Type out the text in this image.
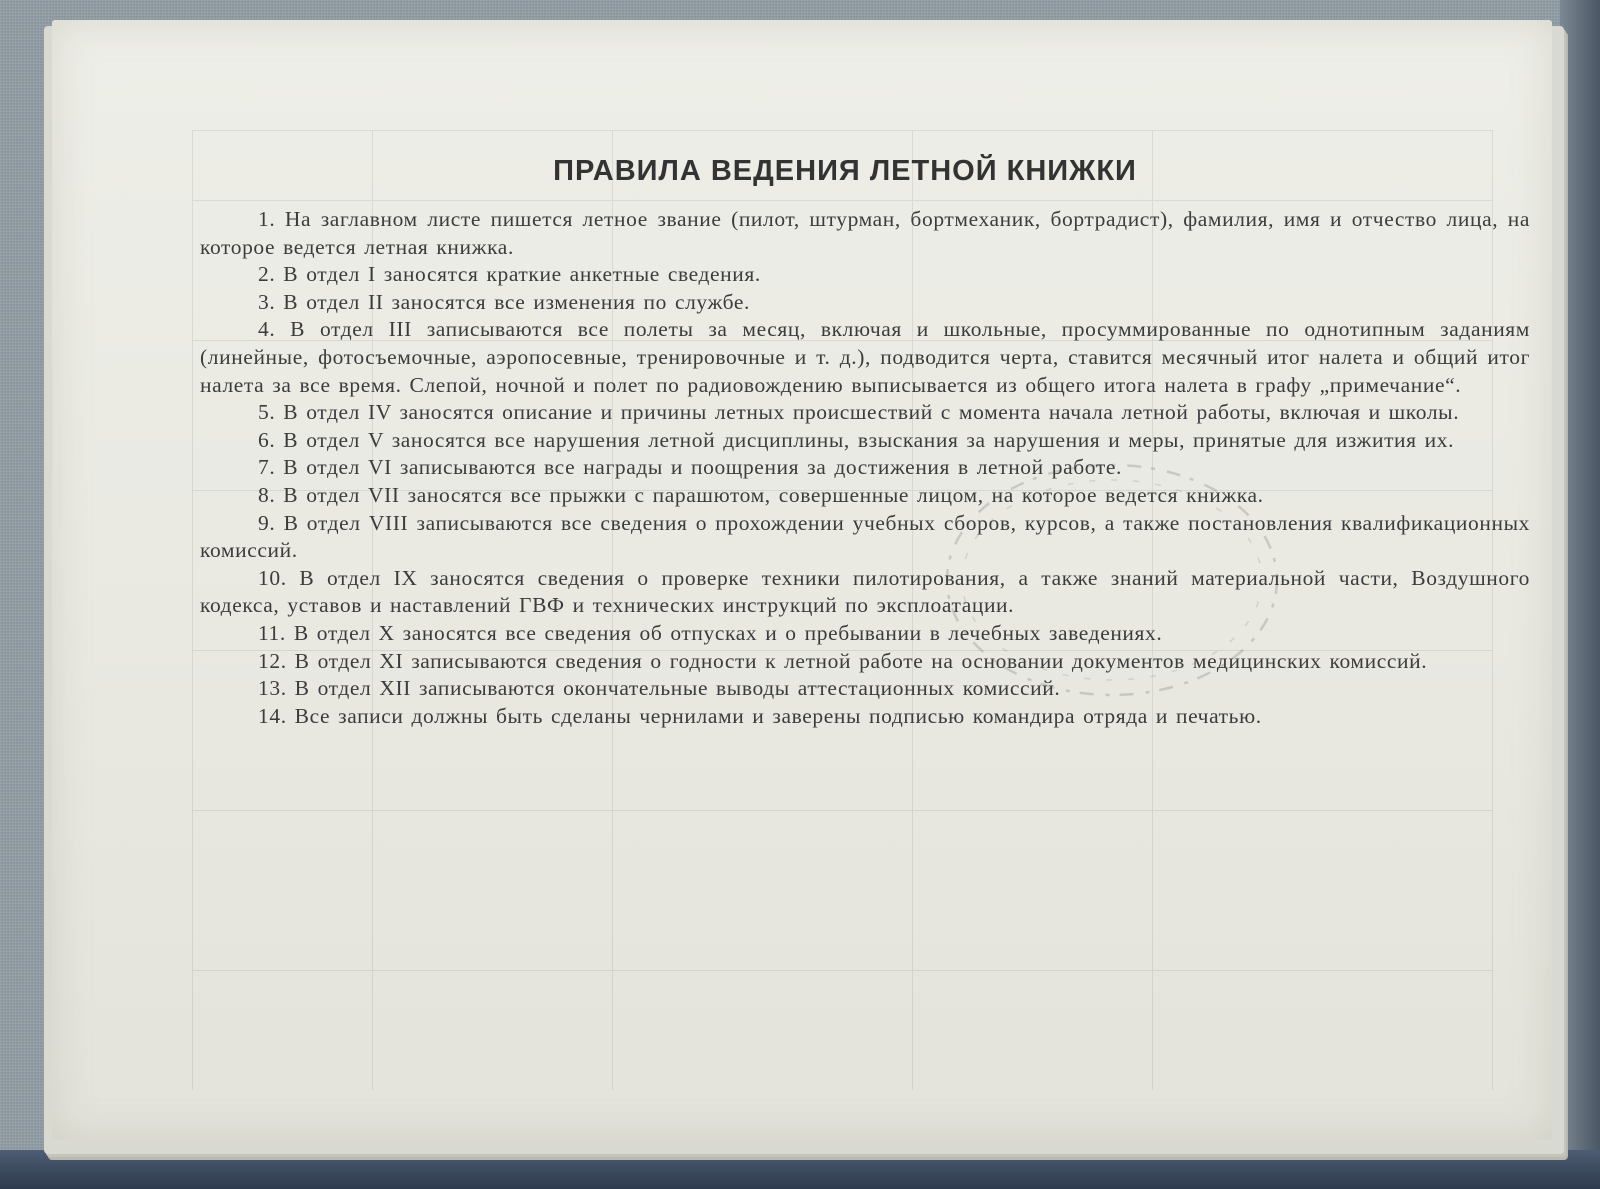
ПРАВИЛА ВЕДЕНИЯ ЛЕТНОЙ КНИЖКИ

1. На заглавном листе пишется летное звание (пилот, штурман, бортмеханик, бортрадист), фамилия, имя и отчество лица, на которое ведется летная книжка.

2. В отдел I заносятся краткие анкетные сведения.

3. В отдел II заносятся все изменения по службе.

4. В отдел III записываются все полеты за месяц, включая и школьные, просуммированные по однотипным заданиям (линейные, фотосъемочные, аэропосевные, тренировочные и т. д.), подводится черта, ставится месячный итог налета и общий итог налета за все время. Слепой, ночной и полет по радиовождению выписывается из общего итога налета в графу „примечание“.

5. В отдел IV заносятся описание и причины летных происшествий с момента начала летной работы, включая и школы.

6. В отдел V заносятся все нарушения летной дисциплины, взыскания за нарушения и меры, принятые для изжития их.

7. В отдел VI записываются все награды и поощрения за достижения в летной работе.

8. В отдел VII заносятся все прыжки с парашютом, совершенные лицом, на которое ведется книжка.

9. В отдел VIII записываются все сведения о прохождении учебных сборов, курсов, а также постановления квалификационных комиссий.

10. В отдел IX заносятся сведения о проверке техники пилотирования, а также знаний материальной части, Воздушного кодекса, уставов и наставлений ГВФ и технических инструкций по эксплоатации.

11. В отдел X заносятся все сведения об отпусках и о пребывании в лечебных заведениях.

12. В отдел XI записываются сведения о годности к летной работе на основании документов медицинских комиссий.

13. В отдел XII записываются окончательные выводы аттестационных комиссий.

14. Все записи должны быть сделаны чернилами и заверены подписью командира отряда и печатью.
